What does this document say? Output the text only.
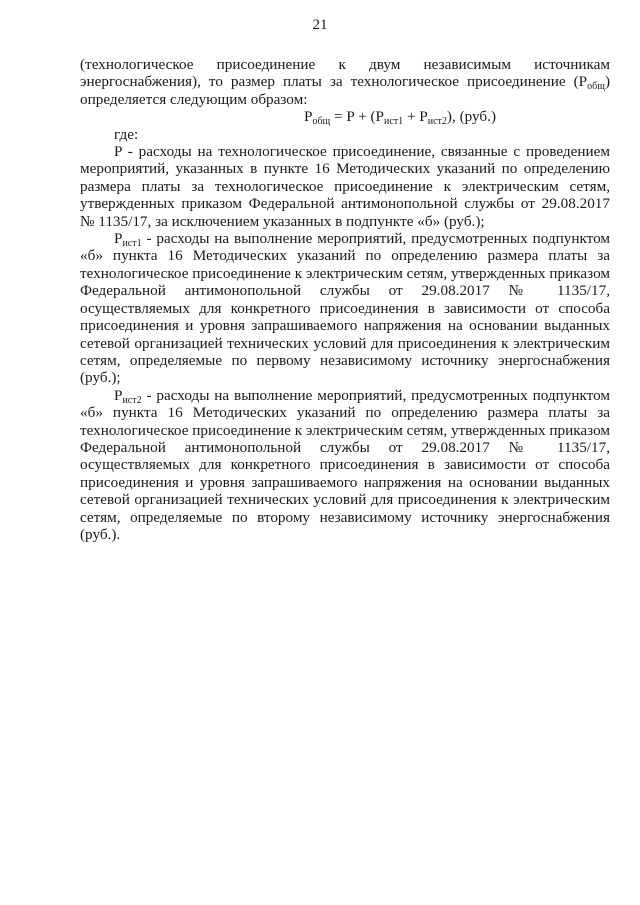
21

(технологическое присоединение к двум независимым источникам энергоснабжения), то размер платы за технологическое присоединение $(P_{общ})$ определяется следующим образом:

$P_{общ} = P + (P_{ист1} + P_{ист2})$, (руб.)

где:

P - расходы на технологическое присоединение, связанные с проведением мероприятий, указанных в пункте 16 Методических указаний по определению размера платы за технологическое присоединение к электрическим сетям, утвержденных приказом Федеральной антимонопольной службы от 29.08.2017 № 1135/17, за исключением указанных в подпункте «б» (руб.);

$P_{ист1}$ - расходы на выполнение мероприятий, предусмотренных подпунктом «б» пункта 16 Методических указаний по определению размера платы за технологическое присоединение к электрическим сетям, утвержденных приказом Федеральной антимонопольной службы от 29.08.2017 № 1135/17, осуществляемых для конкретного присоединения в зависимости от способа присоединения и уровня запрашиваемого напряжения на основании выданных сетевой организацией технических условий для присоединения к электрическим сетям, определяемые по первому независимому источнику энергоснабжения (руб.);

$P_{ист2}$ - расходы на выполнение мероприятий, предусмотренных подпунктом «б» пункта 16 Методических указаний по определению размера платы за технологическое присоединение к электрическим сетям, утвержденных приказом Федеральной антимонопольной службы от 29.08.2017 № 1135/17, осуществляемых для конкретного присоединения в зависимости от способа присоединения и уровня запрашиваемого напряжения на основании выданных сетевой организацией технических условий для присоединения к электрическим сетям, определяемые по второму независимому источнику энергоснабжения (руб.).
